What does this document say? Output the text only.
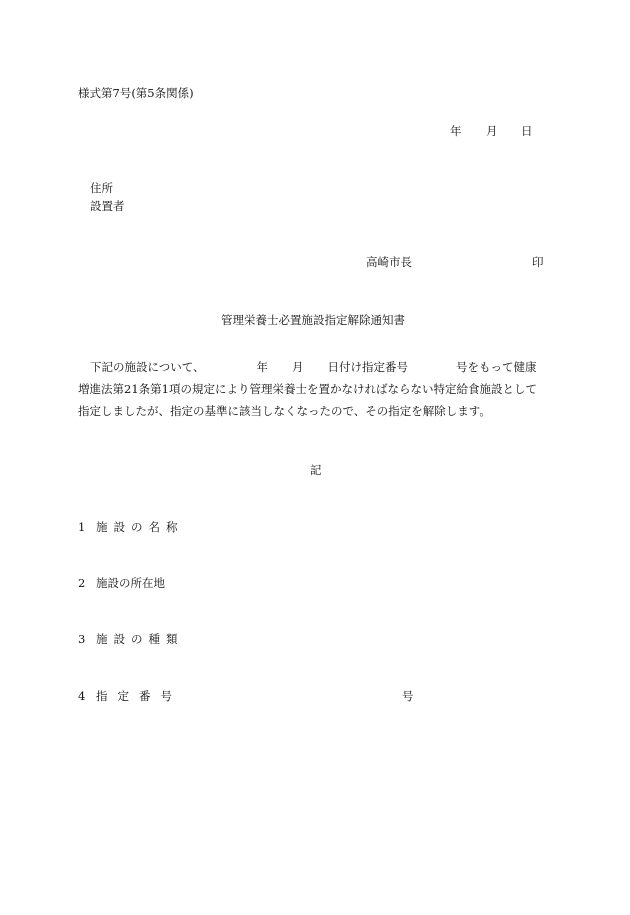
様式第7号(第5条関係)
年 月 日
住所
設置者
高崎市長	印
管理栄養士必置施設指定解除通知書
下記の施設について、	年 月 日付け指定番号	号をもって健康
増進法第21条第1項の規定により管理栄養士を置かなければならない特定給食施設として
指定しましたが、指定の基準に該当しなくなったので、その指定を解除します。
記
1 施設の名称
2 施設の所在地
3 施設の種類
4 指定番号	号
